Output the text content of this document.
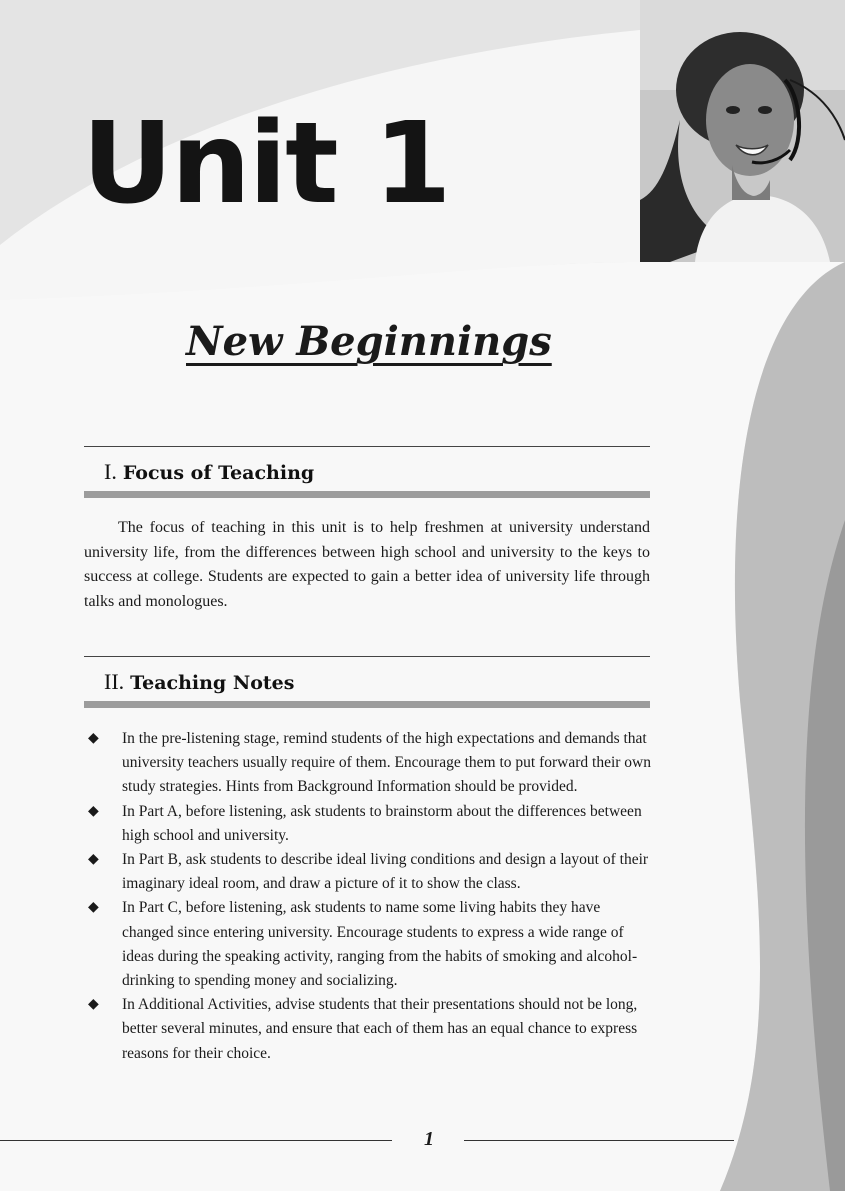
Unit 1
New Beginnings
I. Focus of Teaching

The focus of teaching in this unit is to help freshmen at university understand university life, from the differences between high school and university to the keys to success at college. Students are expected to gain a better idea of university life through talks and monologues.

II. Teaching Notes
◆ In the pre-listening stage, remind students of the high expectations and demands that university teachers usually require of them. Encourage them to put forward their own study strategies. Hints from Background Information should be provided.
◆ In Part A, before listening, ask students to brainstorm about the differences between high school and university.
◆ In Part B, ask students to describe ideal living conditions and design a layout of their imaginary ideal room, and draw a picture of it to show the class.
◆ In Part C, before listening, ask students to name some living habits they have changed since entering university. Encourage students to express a wide range of ideas during the speaking activity, ranging from the habits of smoking and alcohol-drinking to spending money and socializing.
◆ In Additional Activities, advise students that their presentations should not be long, better several minutes, and ensure that each of them has an equal chance to express reasons for their choice.
1
